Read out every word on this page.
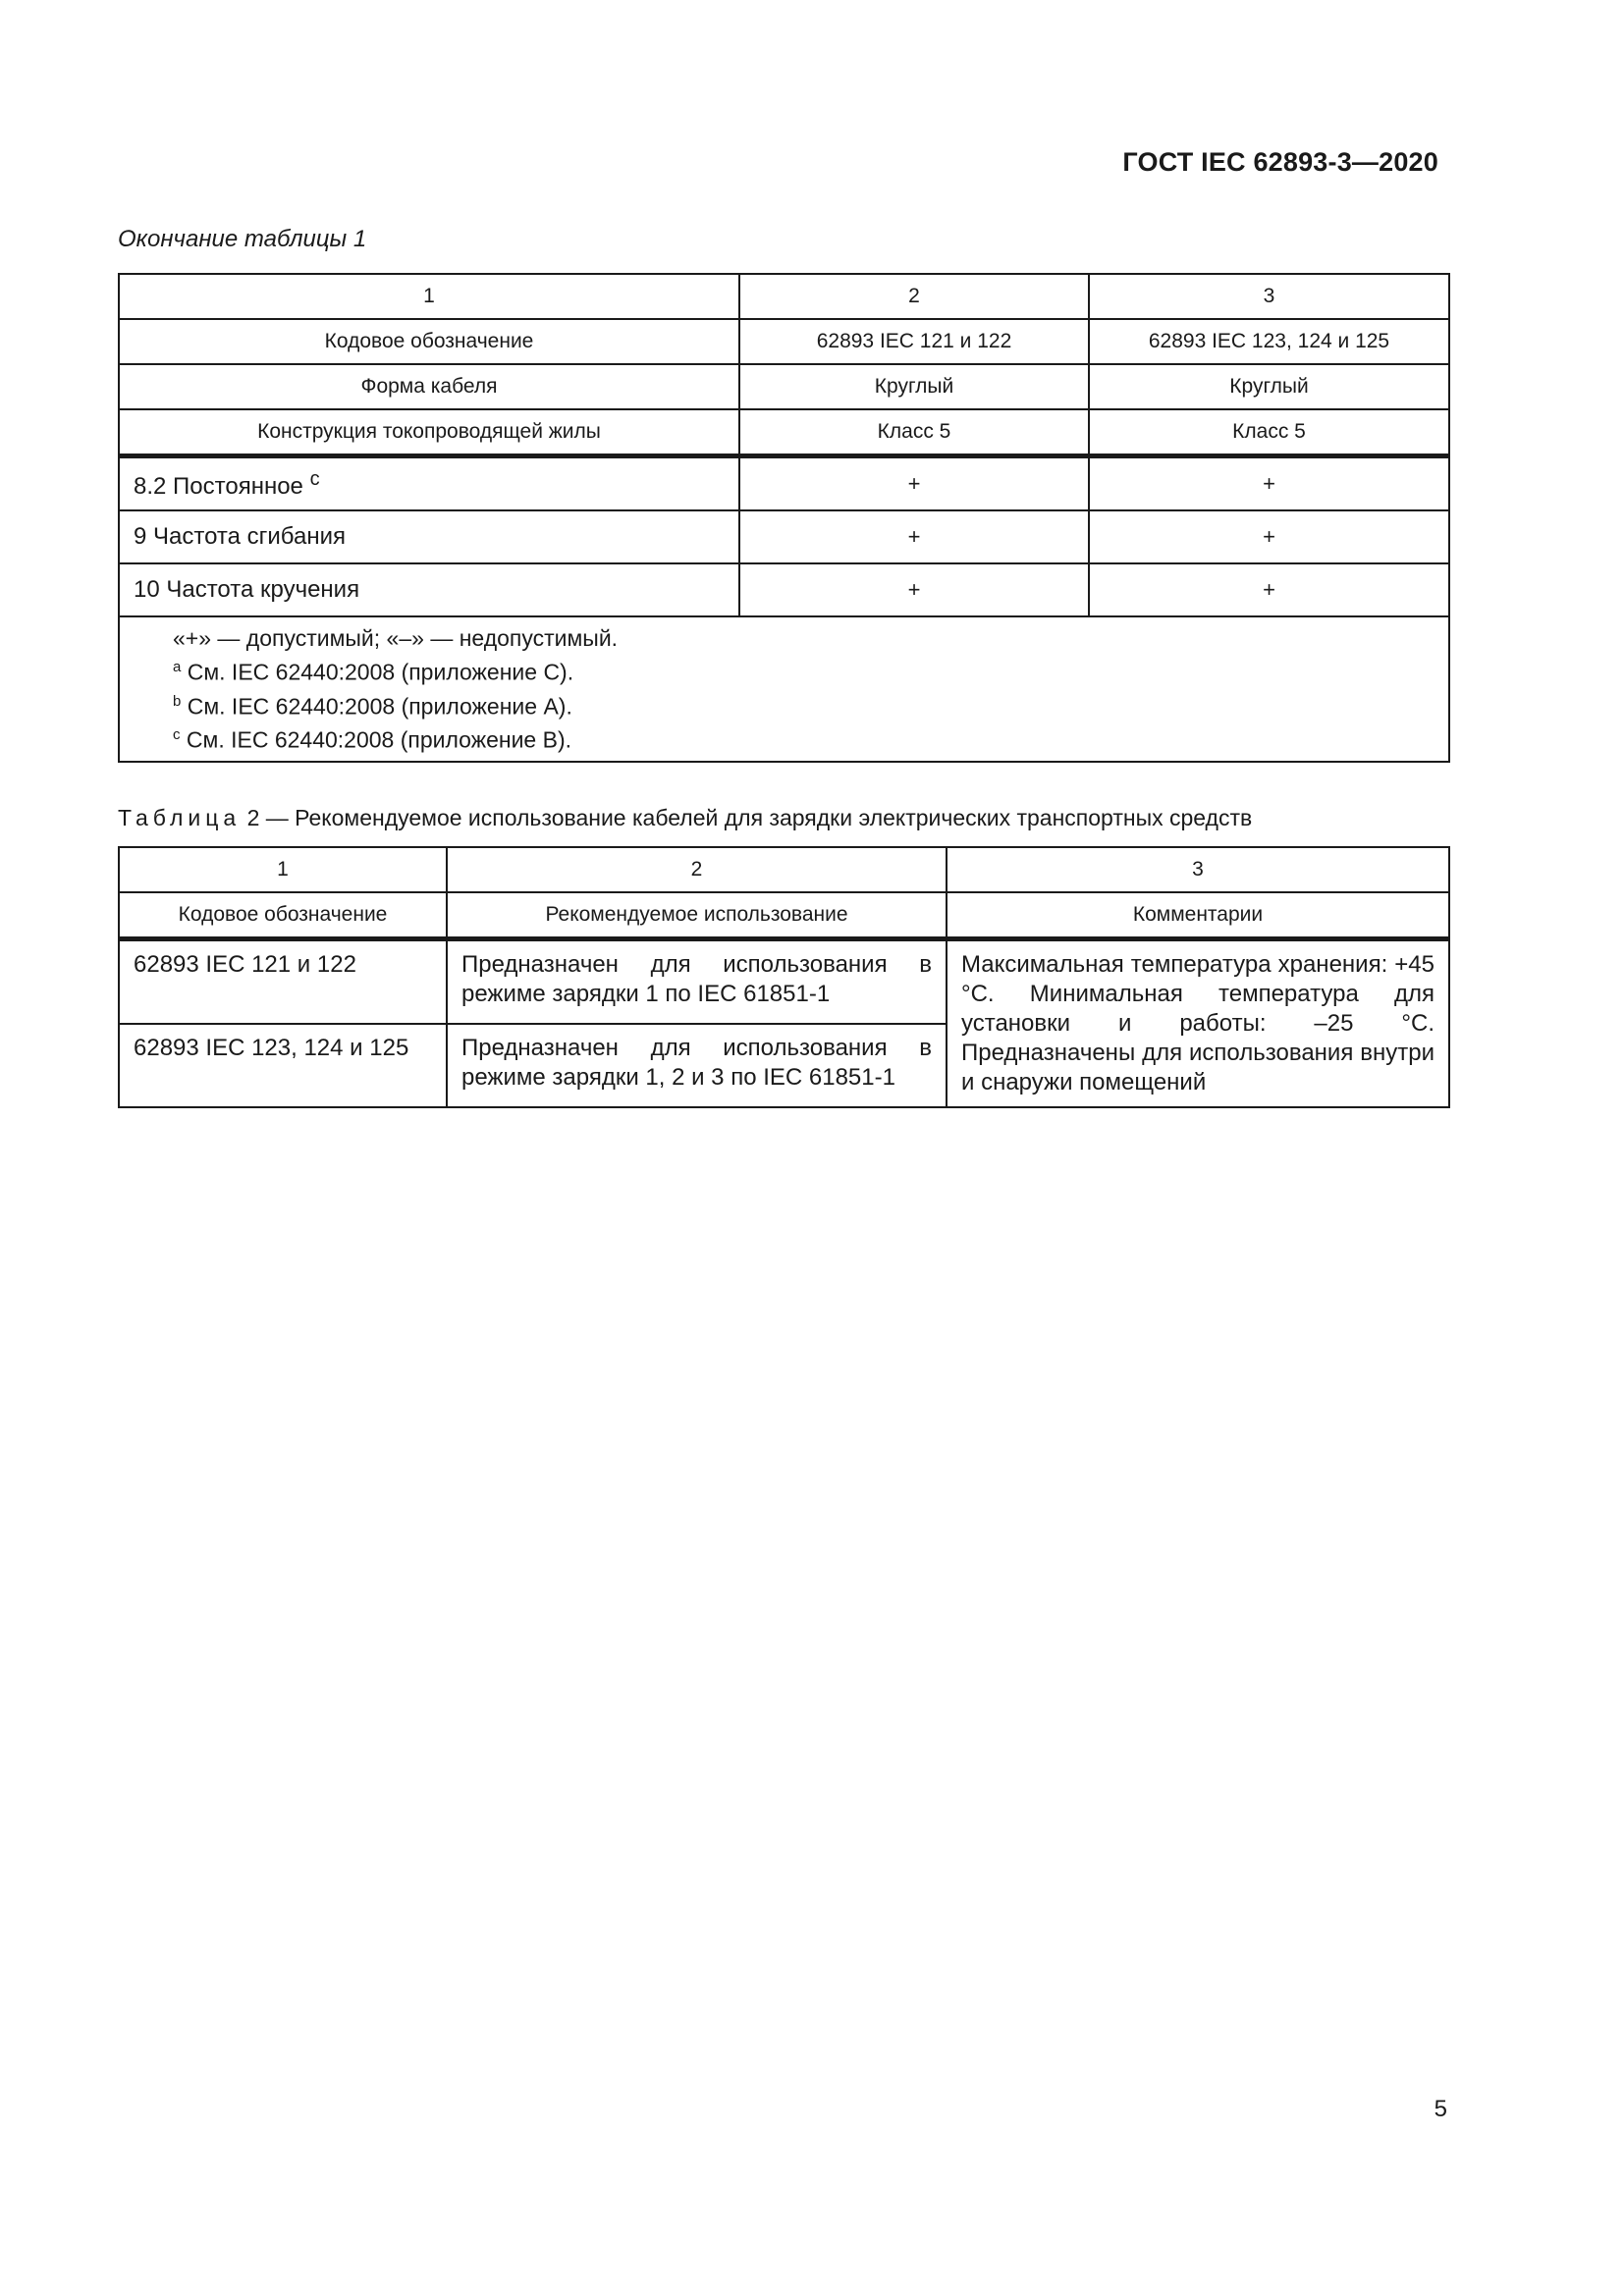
ГОСТ IEC 62893-3—2020
Окончание таблицы 1
1	2	3
Кодовое обозначение	62893 IEC 121 и 122	62893 IEC 123, 124 и 125
Форма кабеля	Круглый	Круглый
Конструкция токопроводящей жилы	Класс 5	Класс 5
8.2 Постоянное $^c$	+	+
9 Частота сгибания	+	+
10 Частота кручения	+	+

«+» — допустимый; «–» — недопустимый.
$^a$ См. IEC 62440:2008 (приложение С).
$^b$ См. IEC 62440:2008 (приложение А).
$^c$ См. IEC 62440:2008 (приложение В).		
Таблица 2 — Рекомендуемое использование кабелей для зарядки электрических транспортных средств
1	2	3
Кодовое обозначение	Рекомендуемое использование	Комментарии
62893 IEC 121 и 122	Предназначен для использования в режиме зарядки 1 по IEC 61851-1	Максимальная температура хранения: +45 °С. Минимальная температура для установки и работы: –25 °С. Предназначены для использования внутри и снаружи помещений
62893 IEC 123, 124 и 125	Предназначен для использования в режиме зарядки 1, 2 и 3 по IEC 61851-1	
5
